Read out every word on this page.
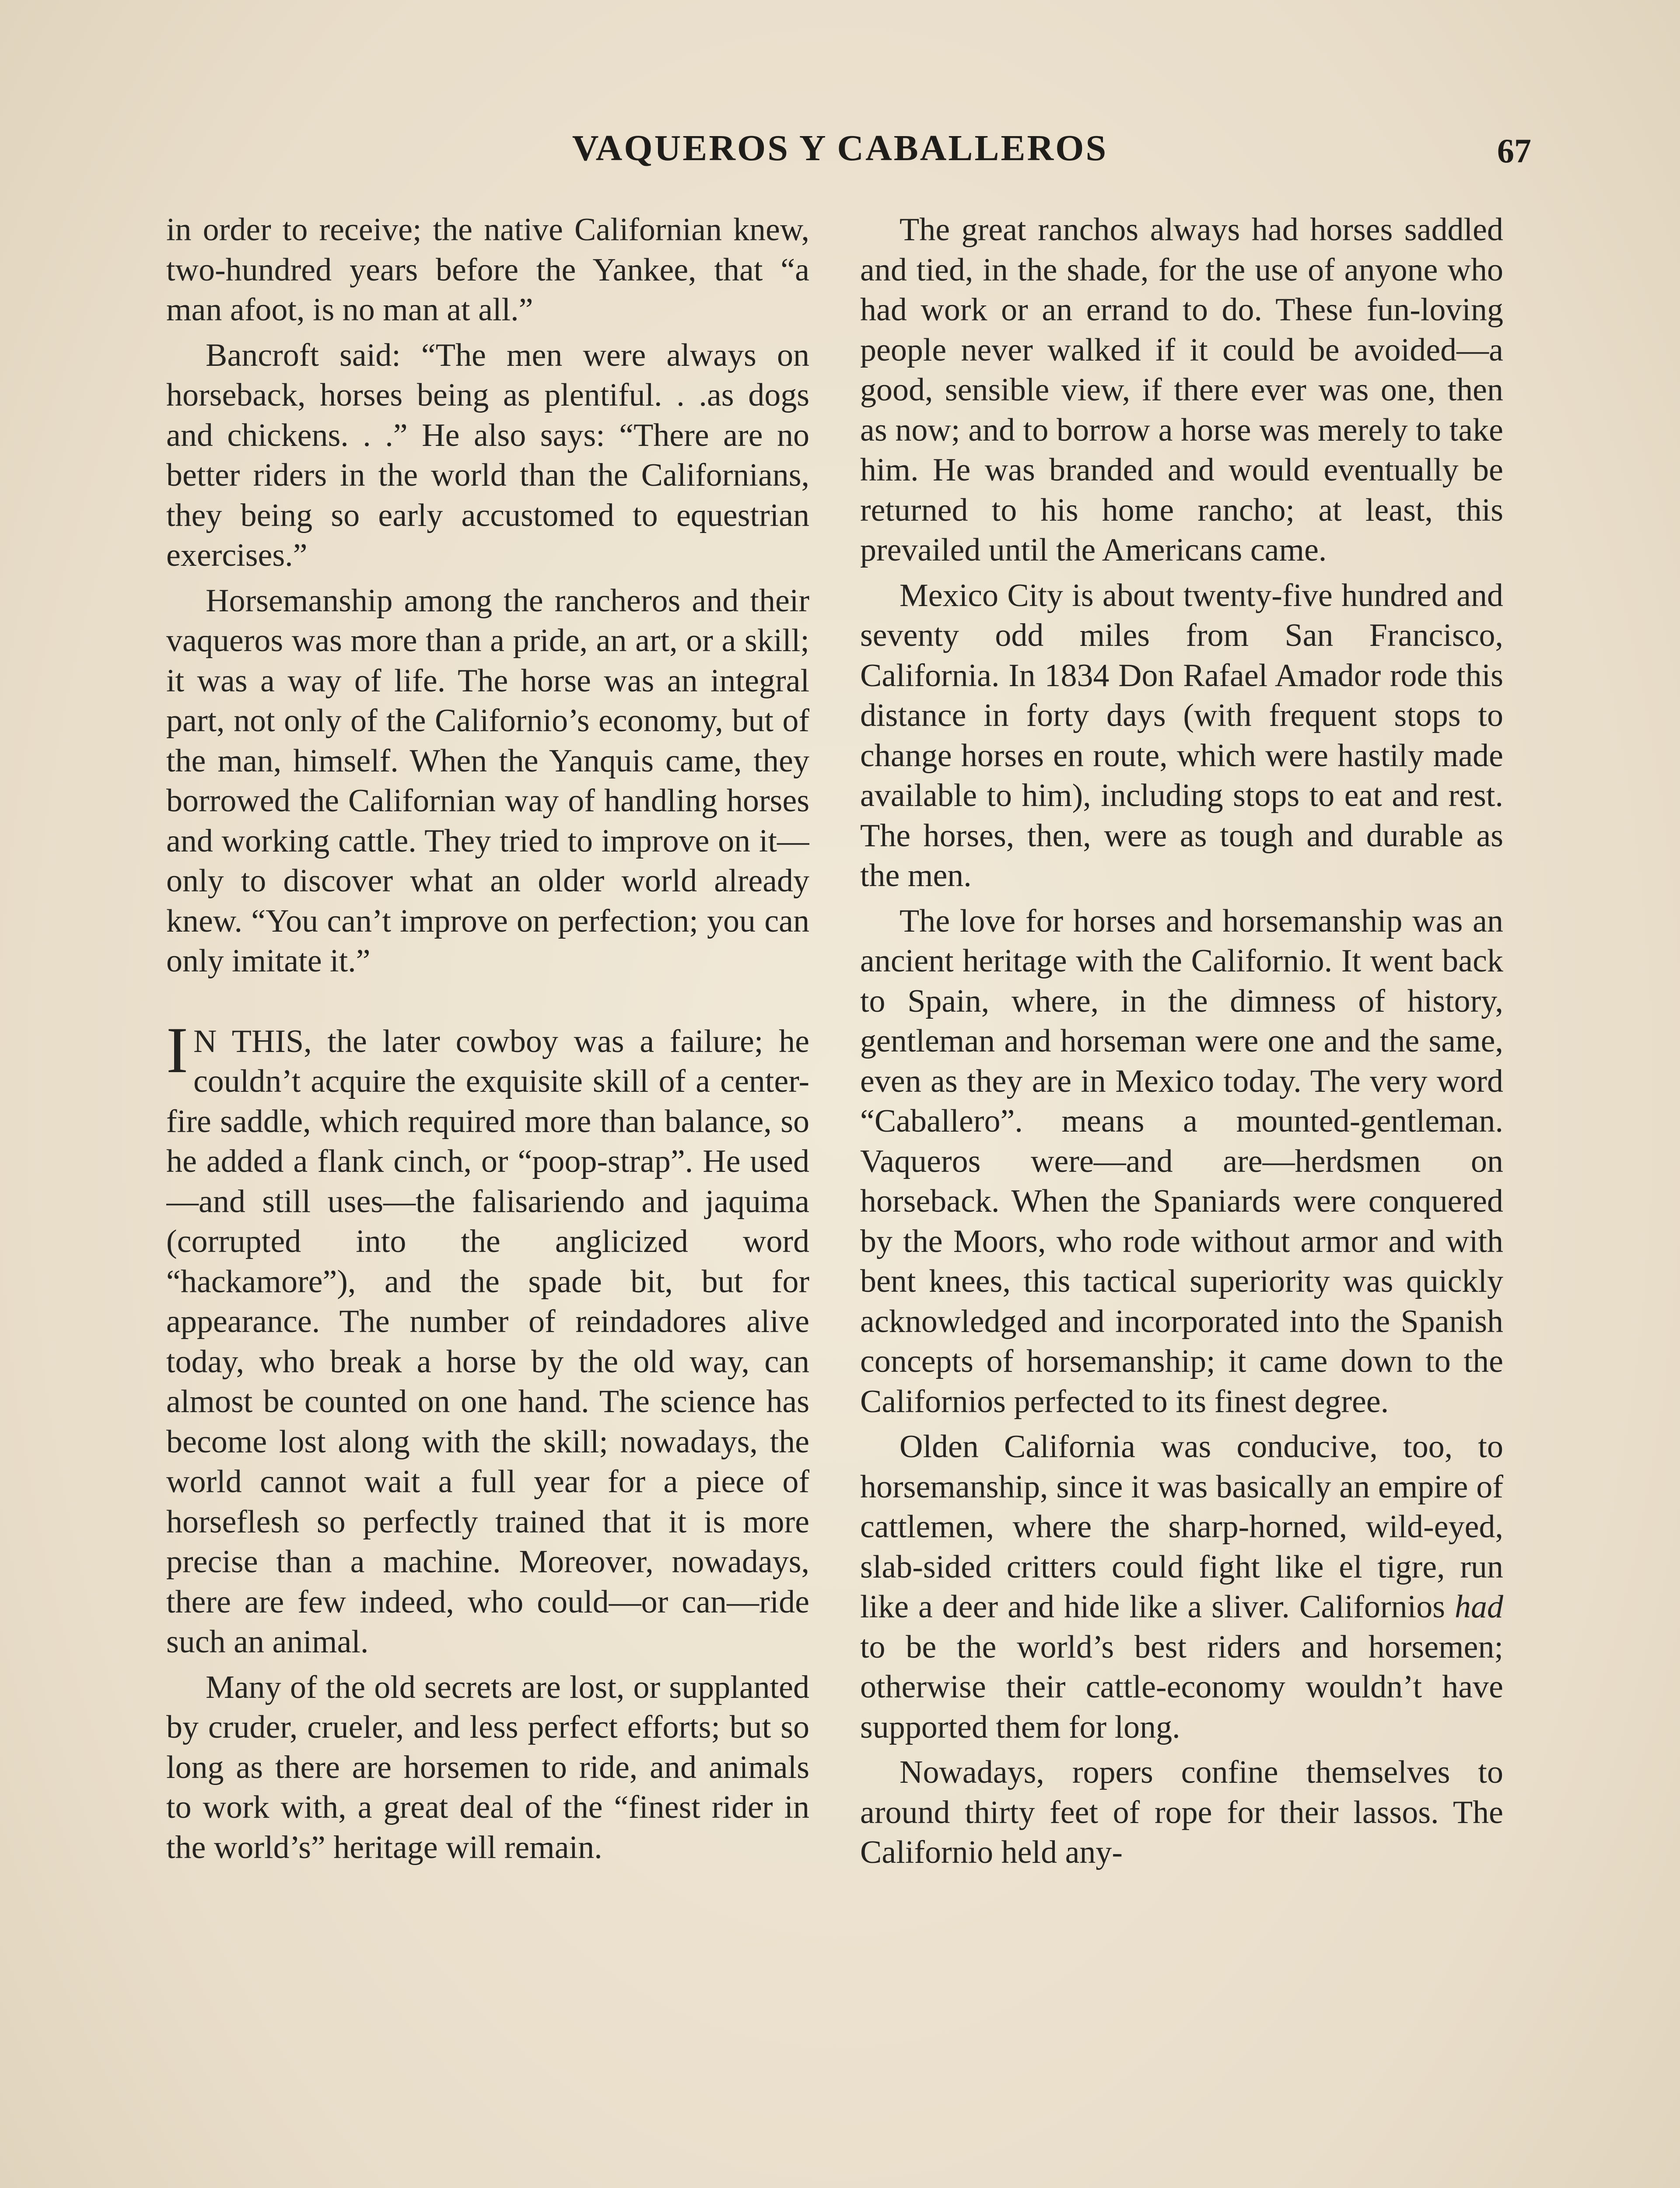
VAQUEROS Y CABALLEROS	67

in order to receive; the native Californian knew, two-hundred years before the Yankee, that “a man afoot, is no man at all.”

Bancroft said: “The men were always on horseback, horses being as plentiful. . .as dogs and chickens. . .” He also says: “There are no better riders in the world than the Californians, they being so early accustomed to equestrian exercises.”

Horsemanship among the rancheros and their vaqueros was more than a pride, an art, or a skill; it was a way of life. The horse was an integral part, not only of the Californio’s economy, but of the man, himself. When the Yanquis came, they borrowed the Californian way of handling horses and working cattle. They tried to improve on it—only to discover what an older world already knew. “You can’t improve on perfection; you can only imitate it.”

I N THIS, the later cowboy was a failure; he couldn’t acquire the exquisite skill of a center-fire saddle, which required more than balance, so he added a flank cinch, or “poop-strap”. He used—and still uses—the falisariendo and jaquima (corrupted into the anglicized word “hackamore”), and the spade bit, but for appearance. The number of reindadores alive today, who break a horse by the old way, can almost be counted on one hand. The science has become lost along with the skill; nowadays, the world cannot wait a full year for a piece of horseflesh so perfectly trained that it is more precise than a machine. Moreover, nowadays, there are few indeed, who could—or can—ride such an animal.

Many of the old secrets are lost, or supplanted by cruder, crueler, and less perfect efforts; but so long as there are horsemen to ride, and animals to work with, a great deal of the “finest rider in the world’s” heritage will remain.

The great ranchos always had horses saddled and tied, in the shade, for the use of anyone who had work or an errand to do. These fun-loving people never walked if it could be avoided—a good, sensible view, if there ever was one, then as now; and to borrow a horse was merely to take him. He was branded and would eventually be returned to his home rancho; at least, this prevailed until the Americans came.

Mexico City is about twenty-five hundred and seventy odd miles from San Francisco, California. In 1834 Don Rafael Amador rode this distance in forty days (with frequent stops to change horses en route, which were hastily made available to him), including stops to eat and rest. The horses, then, were as tough and durable as the men.

The love for horses and horsemanship was an ancient heritage with the Californio. It went back to Spain, where, in the dimness of history, gentleman and horseman were one and the same, even as they are in Mexico today. The very word “Caballero”. means a mounted-gentleman. Vaqueros were—and are—herdsmen on horseback. When the Spaniards were conquered by the Moors, who rode without armor and with bent knees, this tactical superiority was quickly acknowledged and incorporated into the Spanish concepts of horsemanship; it came down to the Californios perfected to its finest degree.

Olden California was conducive, too, to horsemanship, since it was basically an empire of cattlemen, where the sharp-horned, wild-eyed, slab-sided critters could fight like el tigre, run like a deer and hide like a sliver. Californios had to be the world’s best riders and horsemen; otherwise their cattle-economy wouldn’t have supported them for long.

Nowadays, ropers confine themselves to around thirty feet of rope for their lassos. The Californio held any-
